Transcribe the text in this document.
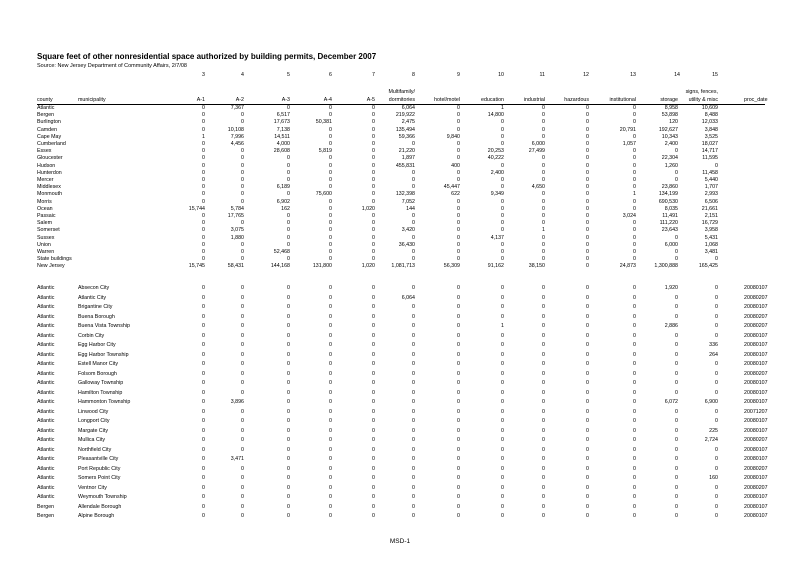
Square feet of other nonresidential space authorized by building permits, December 2007
Source: New Jersey Department of Community Affairs, 2/7/08
3	4	5	6	7	8	9	10	11	12	13	14	15
Multifamily/	signs, fences,
county	municipality	A-1	A-2	A-3	A-4	A-5	dormitories	hotel/motel	education	industrial	hazardous	institutional	storage utility & misc	proc_date
Atlantic	0	7,367	0	0	0	6,064	0	1	0	0	0	8,958	10,609
Bergen	0	0	6,517	0	0	219,922	0	14,800	0	0	0	53,898	8,488
Burlington	0	0	17,673	50,381	0	2,475	0	0	0	0	0	120	12,033
Camden	0	10,108	7,138	0	0	135,494	0	0	0	0	20,791	192,627	3,848
Cape May	1	7,996	14,511	0	0	59,366	9,840	0	0	0	0	10,343	3,525
Cumberland	0	4,456	4,000	0	0	0	0	0	6,000	0	1,057	2,400	18,027
Essex	0	0	28,608	5,819	0	21,220	0	20,253	27,499	0	0	0	14,717
Gloucester	0	0	0	0	0	1,897	0	40,222	0	0	0	22,304	11,595
Hudson	0	0	0	0	0	455,831	400	0	0	0	0	1,260	0
Hunterdon	0	0	0	0	0	0	0	2,400	0	0	0	0	11,458
Mercer	0	0	0	0	0	0	0	0	0	0	0	0	5,440
Middlesex	0	0	6,189	0	0	0	45,447	0	4,650	0	0	23,860	1,707
Monmouth	0	0	0	75,600	0	132,398	622	9,349	0	0	1	134,199	2,993
Morris	0	0	6,902	0	0	7,052	0	0	0	0	0	690,530	6,506
Ocean	15,744	5,784	162	0	1,020	144	0	0	0	0	0	8,035	21,661
Passaic	0	17,765	0	0	0	0	0	0	0	0	3,024	11,491	2,151
Salem	0	0	0	0	0	0	0	0	0	0	0	111,220	16,729
Somerset	0	3,075	0	0	0	3,420	0	0	1	0	0	23,643	3,958
Sussex	0	1,880	0	0	0	0	0	4,137	0	0	0	0	5,431
Union	0	0	0	0	0	36,430	0	0	0	0	0	6,000	1,068
Warren	0	0	52,468	0	0	0	0	0	0	0	0	0	3,481
State buildings	0	0	0	0	0	0	0	0	0	0	0	0	0
New Jersey	15,745	58,431	144,168	131,800	1,020	1,081,713	56,309	91,162	38,150	0	24,873	1,300,888	165,425
Atlantic	Absecon City	0	0	0	0	0	0	0	0	0	0	0	1,920	0	20080107
Atlantic	Atlantic City	0	0	0	0	0	6,064	0	0	0	0	0	0	0	20080207
Atlantic	Brigantine City	0	0	0	0	0	0	0	0	0	0	0	0	0	20080107
Atlantic	Buena Borough	0	0	0	0	0	0	0	0	0	0	0	0	0	20080207
Atlantic	Buena Vista Township	0	0	0	0	0	0	0	1	0	0	0	2,886	0	20080207
Atlantic	Corbin City	0	0	0	0	0	0	0	0	0	0	0	0	0	20080107
Atlantic	Egg Harbor City	0	0	0	0	0	0	0	0	0	0	0	0	336	20080107
Atlantic	Egg Harbor Township	0	0	0	0	0	0	0	0	0	0	0	0	264	20080107
Atlantic	Estell Manor City	0	0	0	0	0	0	0	0	0	0	0	0	0	20080107
Atlantic	Folsom Borough	0	0	0	0	0	0	0	0	0	0	0	0	0	20080207
Atlantic	Galloway Township	0	0	0	0	0	0	0	0	0	0	0	0	0	20080107
Atlantic	Hamilton Township	0	0	0	0	0	0	0	0	0	0	0	0	0	20080107
Atlantic	Hammonton Township	0	3,896	0	0	0	0	0	0	0	0	0	6,072	6,900	20080107
Atlantic	Linwood City	0	0	0	0	0	0	0	0	0	0	0	0	0	20071207
Atlantic	Longport City	0	0	0	0	0	0	0	0	0	0	0	0	0	20080107
Atlantic	Margate City	0	0	0	0	0	0	0	0	0	0	0	0	225	20080107
Atlantic	Mullica City	0	0	0	0	0	0	0	0	0	0	0	0	2,724	20080207
Atlantic	Northfield City	0	0	0	0	0	0	0	0	0	0	0	0	0	20080107
Atlantic	Pleasantville City	0	3,471	0	0	0	0	0	0	0	0	0	0	0	20080107
Atlantic	Port Republic City	0	0	0	0	0	0	0	0	0	0	0	0	0	20080207
Atlantic	Somers Point City	0	0	0	0	0	0	0	0	0	0	0	0	160	20080107
Atlantic	Ventnor City	0	0	0	0	0	0	0	0	0	0	0	0	0	20080207
Atlantic	Weymouth Township	0	0	0	0	0	0	0	0	0	0	0	0	0	20080107
Bergen	Allendale Borough	0	0	0	0	0	0	0	0	0	0	0	0	0	20080107
Bergen	Alpine Borough	0	0	0	0	0	0	0	0	0	0	0	0	0	20080107
MSD-1
